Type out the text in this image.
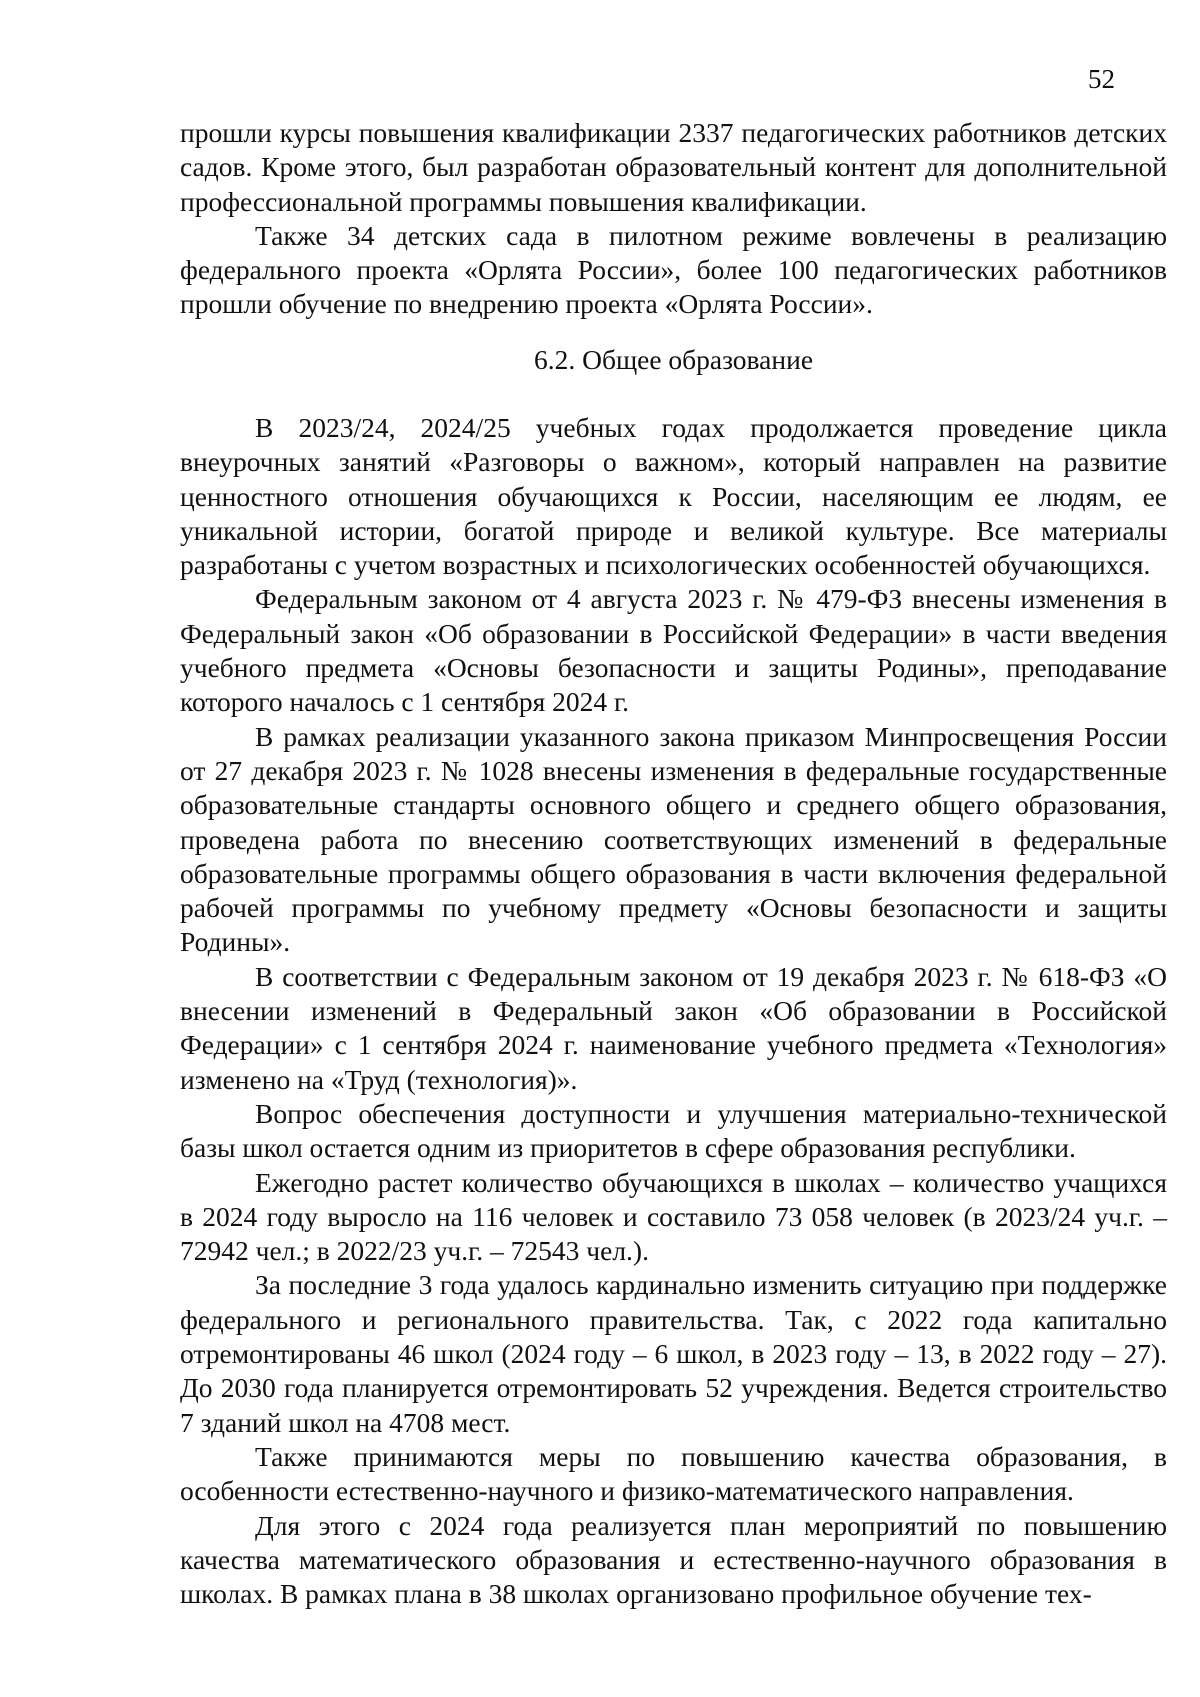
52

прошли курсы повышения квалификации 2337 педагогических работников детских садов. Кроме этого, был разработан образовательный контент для дополнительной профессиональной программы повышения квалификации.

Также 34 детских сада в пилотном режиме вовлечены в реализацию федерального проекта «Орлята России», более 100 педагогических работников прошли обучение по внедрению проекта «Орлята России».

6.2. Общее образование

В 2023/24, 2024/25 учебных годах продолжается проведение цикла внеурочных занятий «Разговоры о важном», который направлен на развитие ценностного отношения обучающихся к России, населяющим ее людям, ее уникальной истории, богатой природе и великой культуре. Все материалы разработаны с учетом возрастных и психологических особенностей обучающихся.

Федеральным законом от 4 августа 2023 г. № 479-ФЗ внесены изменения в Федеральный закон «Об образовании в Российской Федерации» в части введения учебного предмета «Основы безопасности и защиты Родины», преподавание которого началось с 1 сентября 2024 г.

В рамках реализации указанного закона приказом Минпросвещения России от 27 декабря 2023 г. № 1028 внесены изменения в федеральные государственные образовательные стандарты основного общего и среднего общего образования, проведена работа по внесению соответствующих изменений в федеральные образовательные программы общего образования в части включения федеральной рабочей программы по учебному предмету «Основы безопасности и защиты Родины».

В соответствии с Федеральным законом от 19 декабря 2023 г. № 618-ФЗ «О внесении изменений в Федеральный закон «Об образовании в Российской Федерации» с 1 сентября 2024 г. наименование учебного предмета «Технология» изменено на «Труд (технология)».

Вопрос обеспечения доступности и улучшения материально-технической базы школ остается одним из приоритетов в сфере образования республики.

Ежегодно растет количество обучающихся в школах – количество учащихся в 2024 году выросло на 116 человек и составило 73 058 человек (в 2023/24 уч.г. – 72942 чел.; в 2022/23 уч.г. – 72543 чел.).

За последние 3 года удалось кардинально изменить ситуацию при поддержке федерального и регионального правительства. Так, с 2022 года капитально отремонтированы 46 школ (2024 году – 6 школ, в 2023 году – 13, в 2022 году – 27). До 2030 года планируется отремонтировать 52 учреждения. Ведется строительство 7 зданий школ на 4708 мест.

Также принимаются меры по повышению качества образования, в особенности естественно-научного и физико-математического направления.

Для этого с 2024 года реализуется план мероприятий по повышению качества математического образования и естественно-научного образования в школах. В рамках плана в 38 школах организовано профильное обучение тех-
